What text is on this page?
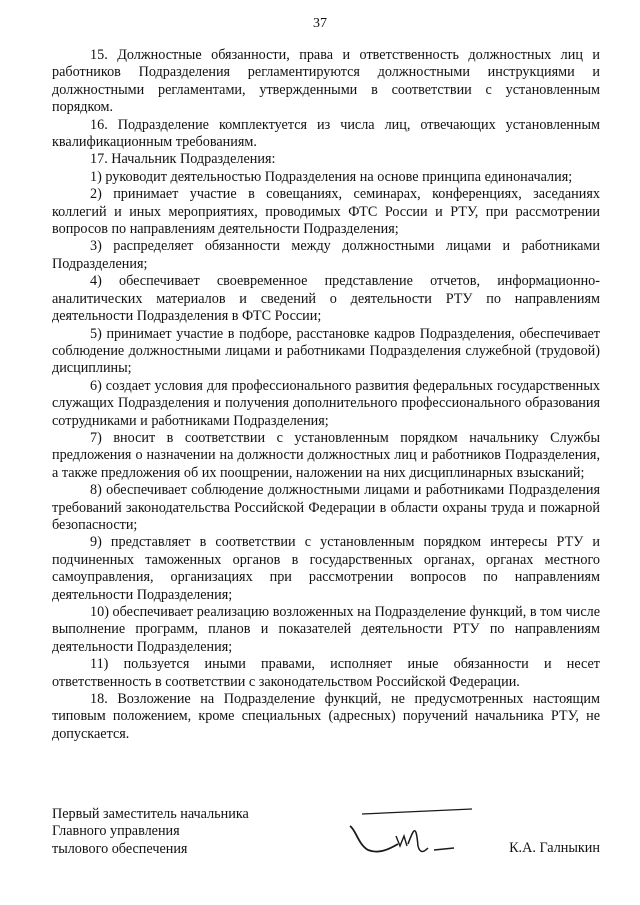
37

15. Должностные обязанности, права и ответственность должностных лиц и работников Подразделения регламентируются должностными инструкциями и должностными регламентами, утвержденными в соответствии с установленным порядком.

16. Подразделение комплектуется из числа лиц, отвечающих установленным квалификационным требованиям.

17. Начальник Подразделения:

1) руководит деятельностью Подразделения на основе принципа единоначалия;

2) принимает участие в совещаниях, семинарах, конференциях, заседаниях коллегий и иных мероприятиях, проводимых ФТС России и РТУ, при рассмотрении вопросов по направлениям деятельности Подразделения;

3) распределяет обязанности между должностными лицами и работниками Подразделения;

4) обеспечивает своевременное представление отчетов, информационно-аналитических материалов и сведений о деятельности РТУ по направлениям деятельности Подразделения в ФТС России;

5) принимает участие в подборе, расстановке кадров Подразделения, обеспечивает соблюдение должностными лицами и работниками Подразделения служебной (трудовой) дисциплины;

6) создает условия для профессионального развития федеральных государственных служащих Подразделения и получения дополнительного профессионального образования сотрудниками и работниками Подразделения;

7) вносит в соответствии с установленным порядком начальнику Службы предложения о назначении на должности должностных лиц и работников Подразделения, а также предложения об их поощрении, наложении на них дисциплинарных взысканий;

8) обеспечивает соблюдение должностными лицами и работниками Подразделения требований законодательства Российской Федерации в области охраны труда и пожарной безопасности;

9) представляет в соответствии с установленным порядком интересы РТУ и подчиненных таможенных органов в государственных органах, органах местного самоуправления, организациях при рассмотрении вопросов по направлениям деятельности Подразделения;

10) обеспечивает реализацию возложенных на Подразделение функций, в том числе выполнение программ, планов и показателей деятельности РТУ по направлениям деятельности Подразделения;

11) пользуется иными правами, исполняет иные обязанности и несет ответственность в соответствии с законодательством Российской Федерации.

18. Возложение на Подразделение функций, не предусмотренных настоящим типовым положением, кроме специальных (адресных) поручений начальника РТУ, не допускается.

Первый заместитель начальника
Главного управления
тылового обеспечения	К.А. Галныкин
